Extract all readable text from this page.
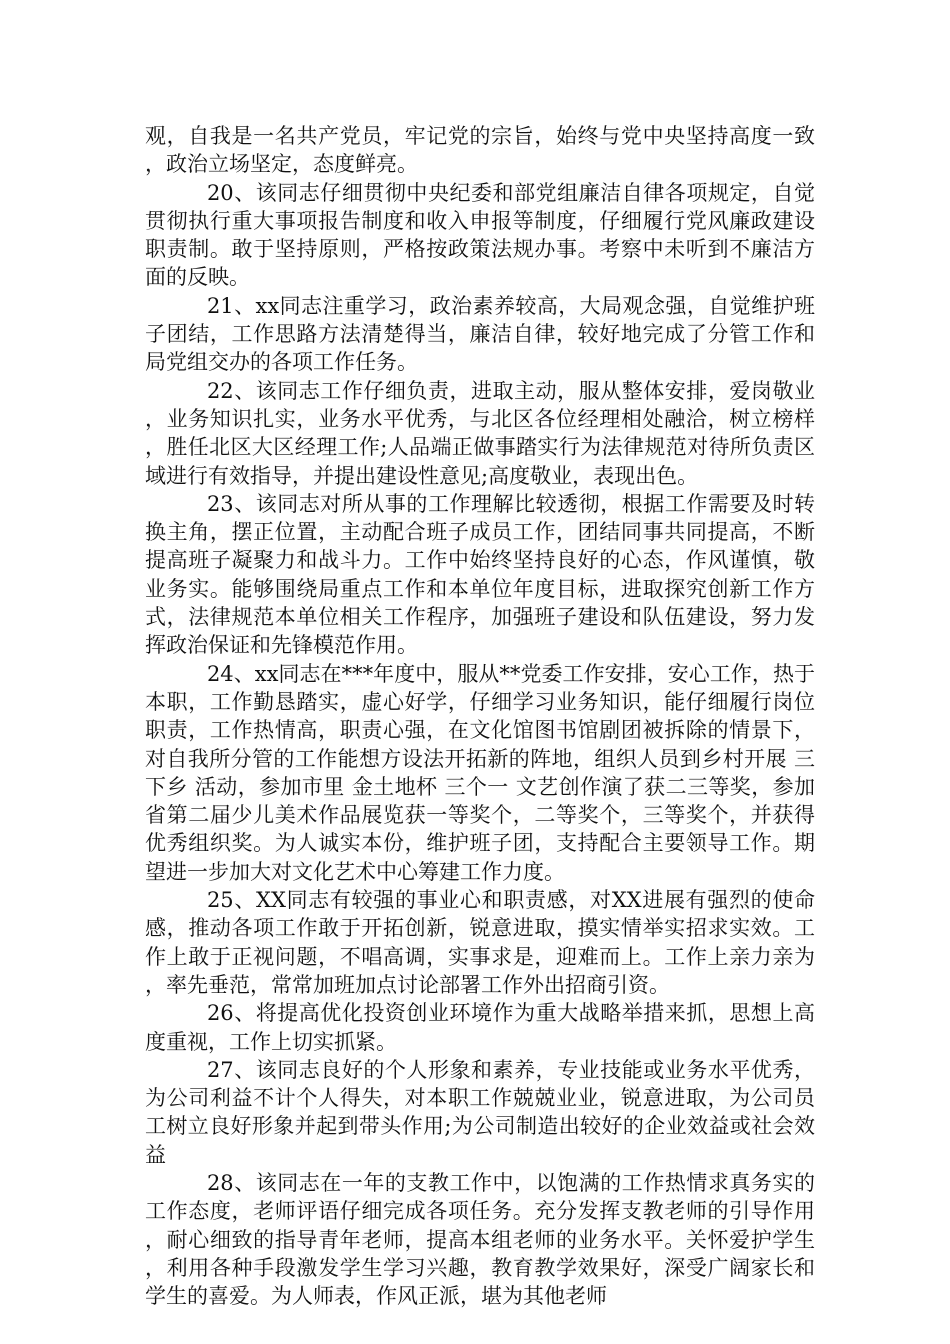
观，自我是一名共产党员，牢记党的宗旨，始终与党中央坚持高度一致，政治立场坚定，态度鲜亮。

20、该同志仔细贯彻中央纪委和部党组廉洁自律各项规定，自觉贯彻执行重大事项报告制度和收入申报等制度，仔细履行党风廉政建设职责制。敢于坚持原则，严格按政策法规办事。考察中未听到不廉洁方面的反映。

21、xx同志注重学习，政治素养较高，大局观念强，自觉维护班子团结，工作思路方法清楚得当，廉洁自律，较好地完成了分管工作和局党组交办的各项工作任务。

22、该同志工作仔细负责，进取主动，服从整体安排，爱岗敬业，业务知识扎实，业务水平优秀，与北区各位经理相处融洽，树立榜样，胜任北区大区经理工作;人品端正做事踏实行为法律规范对待所负责区域进行有效指导，并提出建设性意见;高度敬业，表现出色。

23、该同志对所从事的工作理解比较透彻，根据工作需要及时转换主角，摆正位置，主动配合班子成员工作，团结同事共同提高，不断提高班子凝聚力和战斗力。工作中始终坚持良好的心态，作风谨慎，敬业务实。能够围绕局重点工作和本单位年度目标，进取探究创新工作方式，法律规范本单位相关工作程序，加强班子建设和队伍建设，努力发挥政治保证和先锋模范作用。

24、xx同志在***年度中，服从**党委工作安排，安心工作，热于本职，工作勤恳踏实，虚心好学，仔细学习业务知识，能仔细履行岗位职责，工作热情高，职责心强，在文化馆图书馆剧团被拆除的情景下，对自我所分管的工作能想方设法开拓新的阵地，组织人员到乡村开展 三下乡 活动，参加市里 金土地杯 三个一 文艺创作演了获二三等奖，参加省第二届少儿美术作品展览获一等奖个，二等奖个，三等奖个，并获得优秀组织奖。为人诚实本份，维护班子团，支持配合主要领导工作。期望进一步加大对文化艺术中心筹建工作力度。

25、XX同志有较强的事业心和职责感，对XX进展有强烈的使命感，推动各项工作敢于开拓创新，锐意进取，摸实情举实招求实效。工作上敢于正视问题，不唱高调，实事求是，迎难而上。工作上亲力亲为，率先垂范，常常加班加点讨论部署工作外出招商引资。

26、将提高优化投资创业环境作为重大战略举措来抓，思想上高度重视，工作上切实抓紧。

27、该同志良好的个人形象和素养，专业技能或业务水平优秀，为公司利益不计个人得失，对本职工作兢兢业业，锐意进取，为公司员工树立良好形象并起到带头作用;为公司制造出较好的企业效益或社会效益

28、该同志在一年的支教工作中，以饱满的工作热情求真务实的工作态度，老师评语仔细完成各项任务。充分发挥支教老师的引导作用，耐心细致的指导青年老师，提高本组老师的业务水平。关怀爱护学生，利用各种手段激发学生学习兴趣，教育教学效果好，深受广阔家长和学生的喜爱。为人师表，作风正派，堪为其他老师
